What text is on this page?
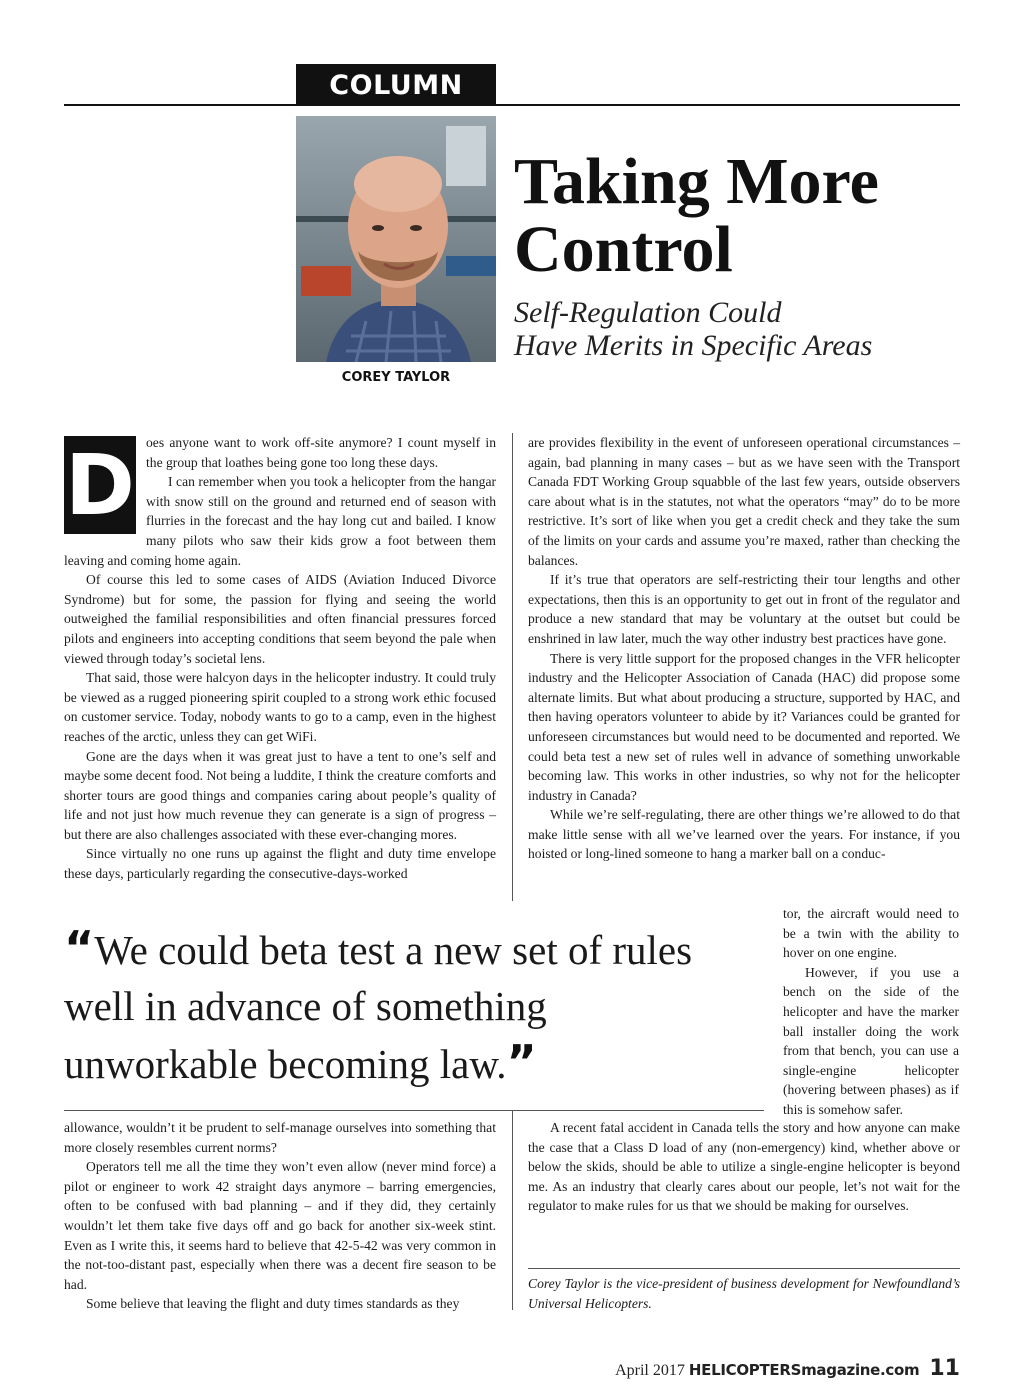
COLUMN
COREY TAYLOR
Taking More
Control
Self-Regulation Could
Have Merits in Specific Areas
D oes anyone want to work off-site anymore? I count myself in the group that loathes being gone too long these days.

I can remember when you took a helicopter from the hangar with snow still on the ground and returned end of season with flurries in the forecast and the hay long cut and bailed. I know many pilots who saw their kids grow a foot between them leaving and coming home again.

Of course this led to some cases of AIDS (Aviation Induced Divorce Syndrome) but for some, the passion for flying and seeing the world outweighed the familial responsibilities and often financial pressures forced pilots and engineers into accepting conditions that seem beyond the pale when viewed through today’s societal lens.

That said, those were halcyon days in the helicopter industry. It could truly be viewed as a rugged pioneering spirit coupled to a strong work ethic focused on customer service. Today, nobody wants to go to a camp, even in the highest reaches of the arctic, unless they can get WiFi.

Gone are the days when it was great just to have a tent to one’s self and maybe some decent food. Not being a luddite, I think the creature comforts and shorter tours are good things and companies caring about people’s quality of life and not just how much revenue they can generate is a sign of progress – but there are also challenges associated with these ever-changing mores.

Since virtually no one runs up against the flight and duty time envelope these days, particularly regarding the consecutive-days-worked

are provides flexibility in the event of unforeseen operational circumstances – again, bad planning in many cases – but as we have seen with the Transport Canada FDT Working Group squabble of the last few years, outside observers care about what is in the statutes, not what the operators “may” do to be more restrictive. It’s sort of like when you get a credit check and they take the sum of the limits on your cards and assume you’re maxed, rather than checking the balances.

If it’s true that operators are self-restricting their tour lengths and other expectations, then this is an opportunity to get out in front of the regulator and produce a new standard that may be voluntary at the outset but could be enshrined in law later, much the way other industry best practices have gone.

There is very little support for the proposed changes in the VFR helicopter industry and the Helicopter Association of Canada (HAC) did propose some alternate limits. But what about producing a structure, supported by HAC, and then having operators volunteer to abide by it? Variances could be granted for unforeseen circumstances but would need to be documented and reported. We could beta test a new set of rules well in advance of something unworkable becoming law. This works in other industries, so why not for the helicopter industry in Canada?

While we’re self-regulating, there are other things we’re allowed to do that make little sense with all we’ve learned over the years. For instance, if you hoisted or long-lined someone to hang a marker ball on a conduc-

“We could beta test a new set of rules
well in advance of something
unworkable becoming law.”

tor, the aircraft would need to be a twin with the ability to hover on one engine.

However, if you use a bench on the side of the helicopter and have the marker ball installer doing the work from that bench, you can use a single-engine helicopter (hovering between phases) as if this is somehow safer.

allowance, wouldn’t it be prudent to self-manage ourselves into something that more closely resembles current norms?

Operators tell me all the time they won’t even allow (never mind force) a pilot or engineer to work 42 straight days anymore – barring emergencies, often to be confused with bad planning – and if they did, they certainly wouldn’t let them take five days off and go back for another six-week stint. Even as I write this, it seems hard to believe that 42-5-42 was very common in the not-too-distant past, especially when there was a decent fire season to be had.

Some believe that leaving the flight and duty times standards as they

A recent fatal accident in Canada tells the story and how anyone can make the case that a Class D load of any (non-emergency) kind, whether above or below the skids, should be able to utilize a single-engine helicopter is beyond me. As an industry that clearly cares about our people, let’s not wait for the regulator to make rules for us that we should be making for ourselves.

Corey Taylor is the vice-president of business development for Newfoundland’s Universal Helicopters.
April 2017 HELICOPTERSmagazine.com 11
